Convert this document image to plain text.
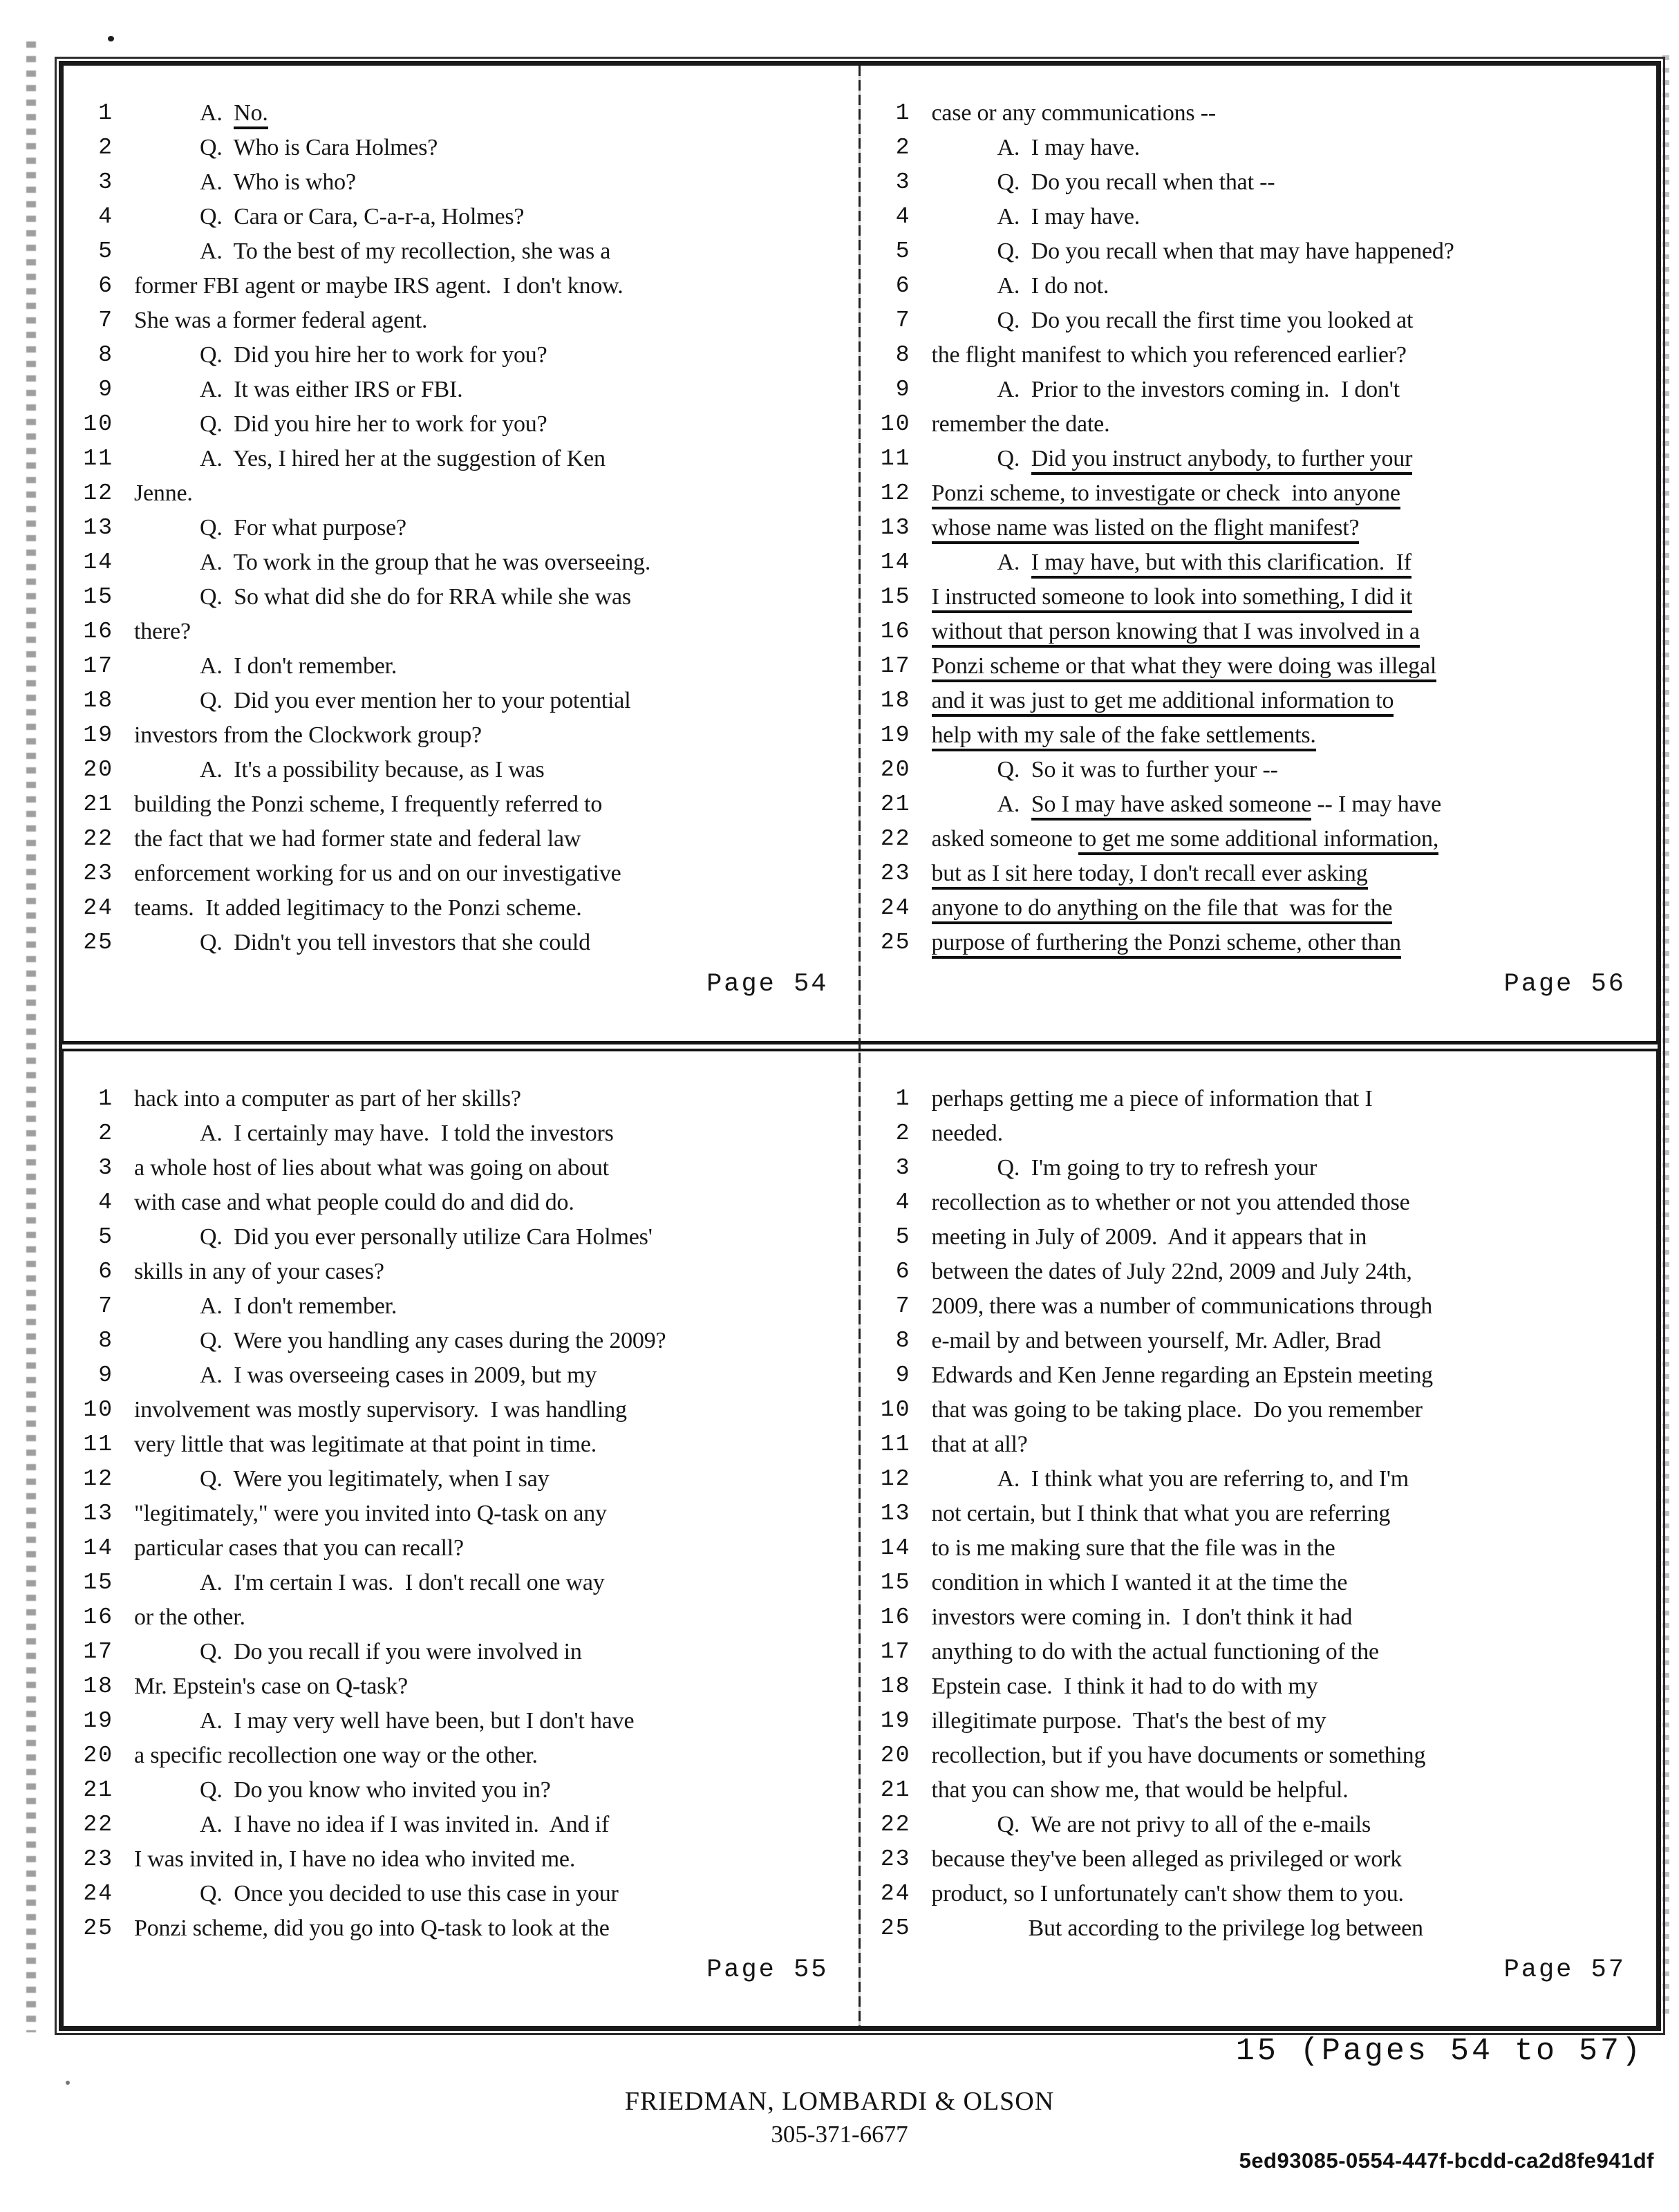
1	A.  No.
2	Q.  Who is Cara Holmes?
3	A.  Who is who?
4	Q.  Cara or Cara, C-a-r-a, Holmes?
5	A.  To the best of my recollection, she was a
6 former FBI agent or maybe IRS agent.  I don't know.
7 She was a former federal agent.
8	Q.  Did you hire her to work for you?
9	A.  It was either IRS or FBI.
10	Q.  Did you hire her to work for you?
11	A.  Yes, I hired her at the suggestion of Ken
12 Jenne.
13	Q.  For what purpose?
14	A.  To work in the group that he was overseeing.
15	Q.  So what did she do for RRA while she was
16 there?
17	A.  I don't remember.
18	Q.  Did you ever mention her to your potential
19 investors from the Clockwork group?
20	A.  It's a possibility because, as I was
21 building the Ponzi scheme, I frequently referred to
22 the fact that we had former state and federal law
23 enforcement working for us and on our investigative
24 teams.  It added legitimacy to the Ponzi scheme.
25	Q.  Didn't you tell investors that she could
Page 54
1 case or any communications --
2	A.  I may have.
3	Q.  Do you recall when that --
4	A.  I may have.
5	Q.  Do you recall when that may have happened?
6	A.  I do not.
7	Q.  Do you recall the first time you looked at
8 the flight manifest to which you referenced earlier?
9	A.  Prior to the investors coming in.  I don't
10 remember the date.
11	Q.  Did you instruct anybody, to further your
12 Ponzi scheme, to investigate or check  into anyone
13 whose name was listed on the flight manifest?
14	A.  I may have, but with this clarification.  If
15 I instructed someone to look into something, I did it
16 without that person knowing that I was involved in a
17 Ponzi scheme or that what they were doing was illegal
18 and it was just to get me additional information to
19 help with my sale of the fake settlements.
20	Q.  So it was to further your --
21	A.  So I may have asked someone -- I may have
22 asked someone to get me some additional information,
23 but as I sit here today, I don't recall ever asking
24 anyone to do anything on the file that  was for the
25 purpose of furthering the Ponzi scheme, other than
Page 56
1 hack into a computer as part of her skills?
2	A.  I certainly may have.  I told the investors
3 a whole host of lies about what was going on about
4 with case and what people could do and did do.
5	Q.  Did you ever personally utilize Cara Holmes'
6 skills in any of your cases?
7	A.  I don't remember.
8	Q.  Were you handling any cases during the 2009?
9	A.  I was overseeing cases in 2009, but my
10 involvement was mostly supervisory.  I was handling
11 very little that was legitimate at that point in time.
12	Q.  Were you legitimately, when I say
13 "legitimately," were you invited into Q-task on any
14 particular cases that you can recall?
15	A.  I'm certain I was.  I don't recall one way
16 or the other.
17	Q.  Do you recall if you were involved in
18 Mr. Epstein's case on Q-task?
19	A.  I may very well have been, but I don't have
20 a specific recollection one way or the other.
21	Q.  Do you know who invited you in?
22	A.  I have no idea if I was invited in.  And if
23 I was invited in, I have no idea who invited me.
24	Q.  Once you decided to use this case in your
25 Ponzi scheme, did you go into Q-task to look at the
Page 55
1 perhaps getting me a piece of information that I
2 needed.
3	Q.  I'm going to try to refresh your
4 recollection as to whether or not you attended those
5 meeting in July of 2009.  And it appears that in
6 between the dates of July 22nd, 2009 and July 24th,
7 2009, there was a number of communications through
8 e-mail by and between yourself, Mr. Adler, Brad
9 Edwards and Ken Jenne regarding an Epstein meeting
10 that was going to be taking place.  Do you remember
11 that at all?
12	A.  I think what you are referring to, and I'm
13 not certain, but I think that what you are referring
14 to is me making sure that the file was in the
15 condition in which I wanted it at the time the
16 investors were coming in.  I don't think it had
17 anything to do with the actual functioning of the
18 Epstein case.  I think it had to do with my
19 illegitimate purpose.  That's the best of my
20 recollection, but if you have documents or something
21 that you can show me, that would be helpful.
22	Q.  We are not privy to all of the e-mails
23 because they've been alleged as privileged or work
24 product, so I unfortunately can't show them to you.
25	But according to the privilege log between
Page 57
15 (Pages 54 to 57)
FRIEDMAN, LOMBARDI & OLSON
305-371-6677
5ed93085-0554-447f-bcdd-ca2d8fe941df
